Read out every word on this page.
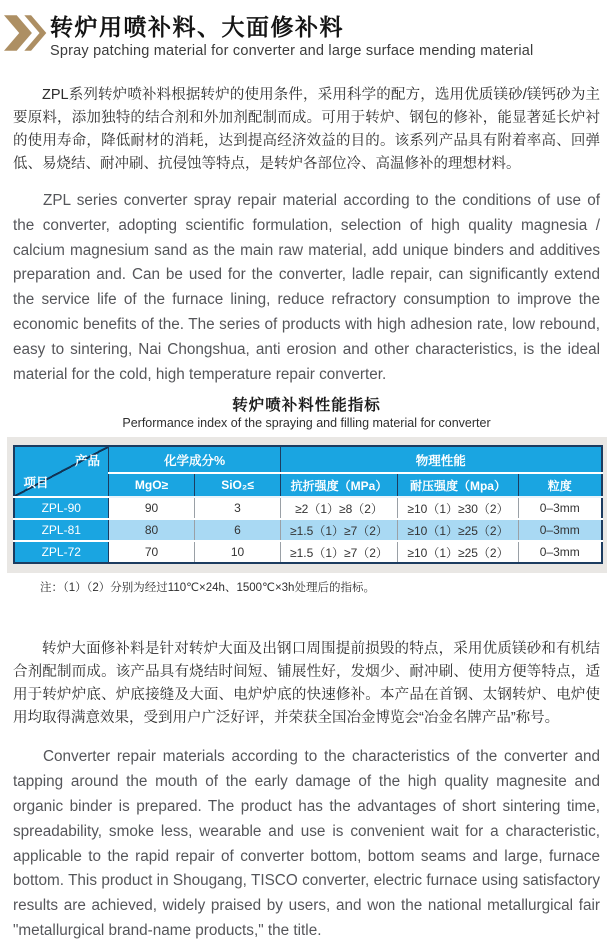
转炉用喷补料、大面修补料
Spray patching material for converter and large surface mending material

ZPL系列转炉喷补料根据转炉的使用条件，采用科学的配方，选用优质镁砂/镁钙砂为主要原料，添加独特的结合剂和外加剂配制而成。可用于转炉、钢包的修补，能显著延长炉衬的使用寿命，降低耐材的消耗，达到提高经济效益的目的。该系列产品具有附着率高、回弹低、易烧结、耐冲刷、抗侵蚀等特点，是转炉各部位冷、高温修补的理想材料。

ZPL series converter spray repair material according to the conditions of use of the converter, adopting scientific formulation, selection of high quality magnesia / calcium magnesium sand as the main raw material, add unique binders and additives preparation and. Can be used for the converter, ladle repair, can significantly extend the service life of the furnace lining, reduce refractory consumption to improve the economic benefits of the. The series of products with high adhesion rate, low rebound, easy to sintering, Nai Chongshua, anti erosion and other characteristics, is the ideal material for the cold, high temperature repair converter.

转炉喷补料性能指标
Performance index of the spraying and filling material for converter
产品
项目	化学成分%		物理性能		
	MgO≥	SiO₂≤	抗折强度（MPa）	耐压强度（Mpa）	粒度
ZPL-90	90	3	≥2（1）≥8（2）	≥10（1）≥30（2）	0–3mm
ZPL-81	80	6	≥1.5（1）≥7（2）	≥10（1）≥25（2）	0–3mm
ZPL-72	70	10	≥1.5（1）≥7（2）	≥10（1）≥25（2）	0–3mm
注：（1）（2）分别为经过110℃×24h、1500℃×3h处理后的指标。

转炉大面修补料是针对转炉大面及出钢口周围提前损毁的特点，采用优质镁砂和有机结合剂配制而成。该产品具有烧结时间短、铺展性好，发烟少、耐冲刷、使用方便等特点，适用于转炉炉底、炉底接缝及大面、电炉炉底的快速修补。本产品在首钢、太钢转炉、电炉使用均取得满意效果，受到用户广泛好评，并荣获全国冶金博览会“冶金名牌产品”称号。

Converter repair materials according to the characteristics of the converter and tapping around the mouth of the early damage of the high quality magnesite and organic binder is prepared. The product has the advantages of short sintering time, spreadability, smoke less, wearable and use is convenient wait for a characteristic, applicable to the rapid repair of converter bottom, bottom seams and large, furnace bottom. This product in Shougang, TISCO converter, electric furnace using satisfactory results are achieved, widely praised by users, and won the national metallurgical fair "metallurgical brand-name products," the title.
